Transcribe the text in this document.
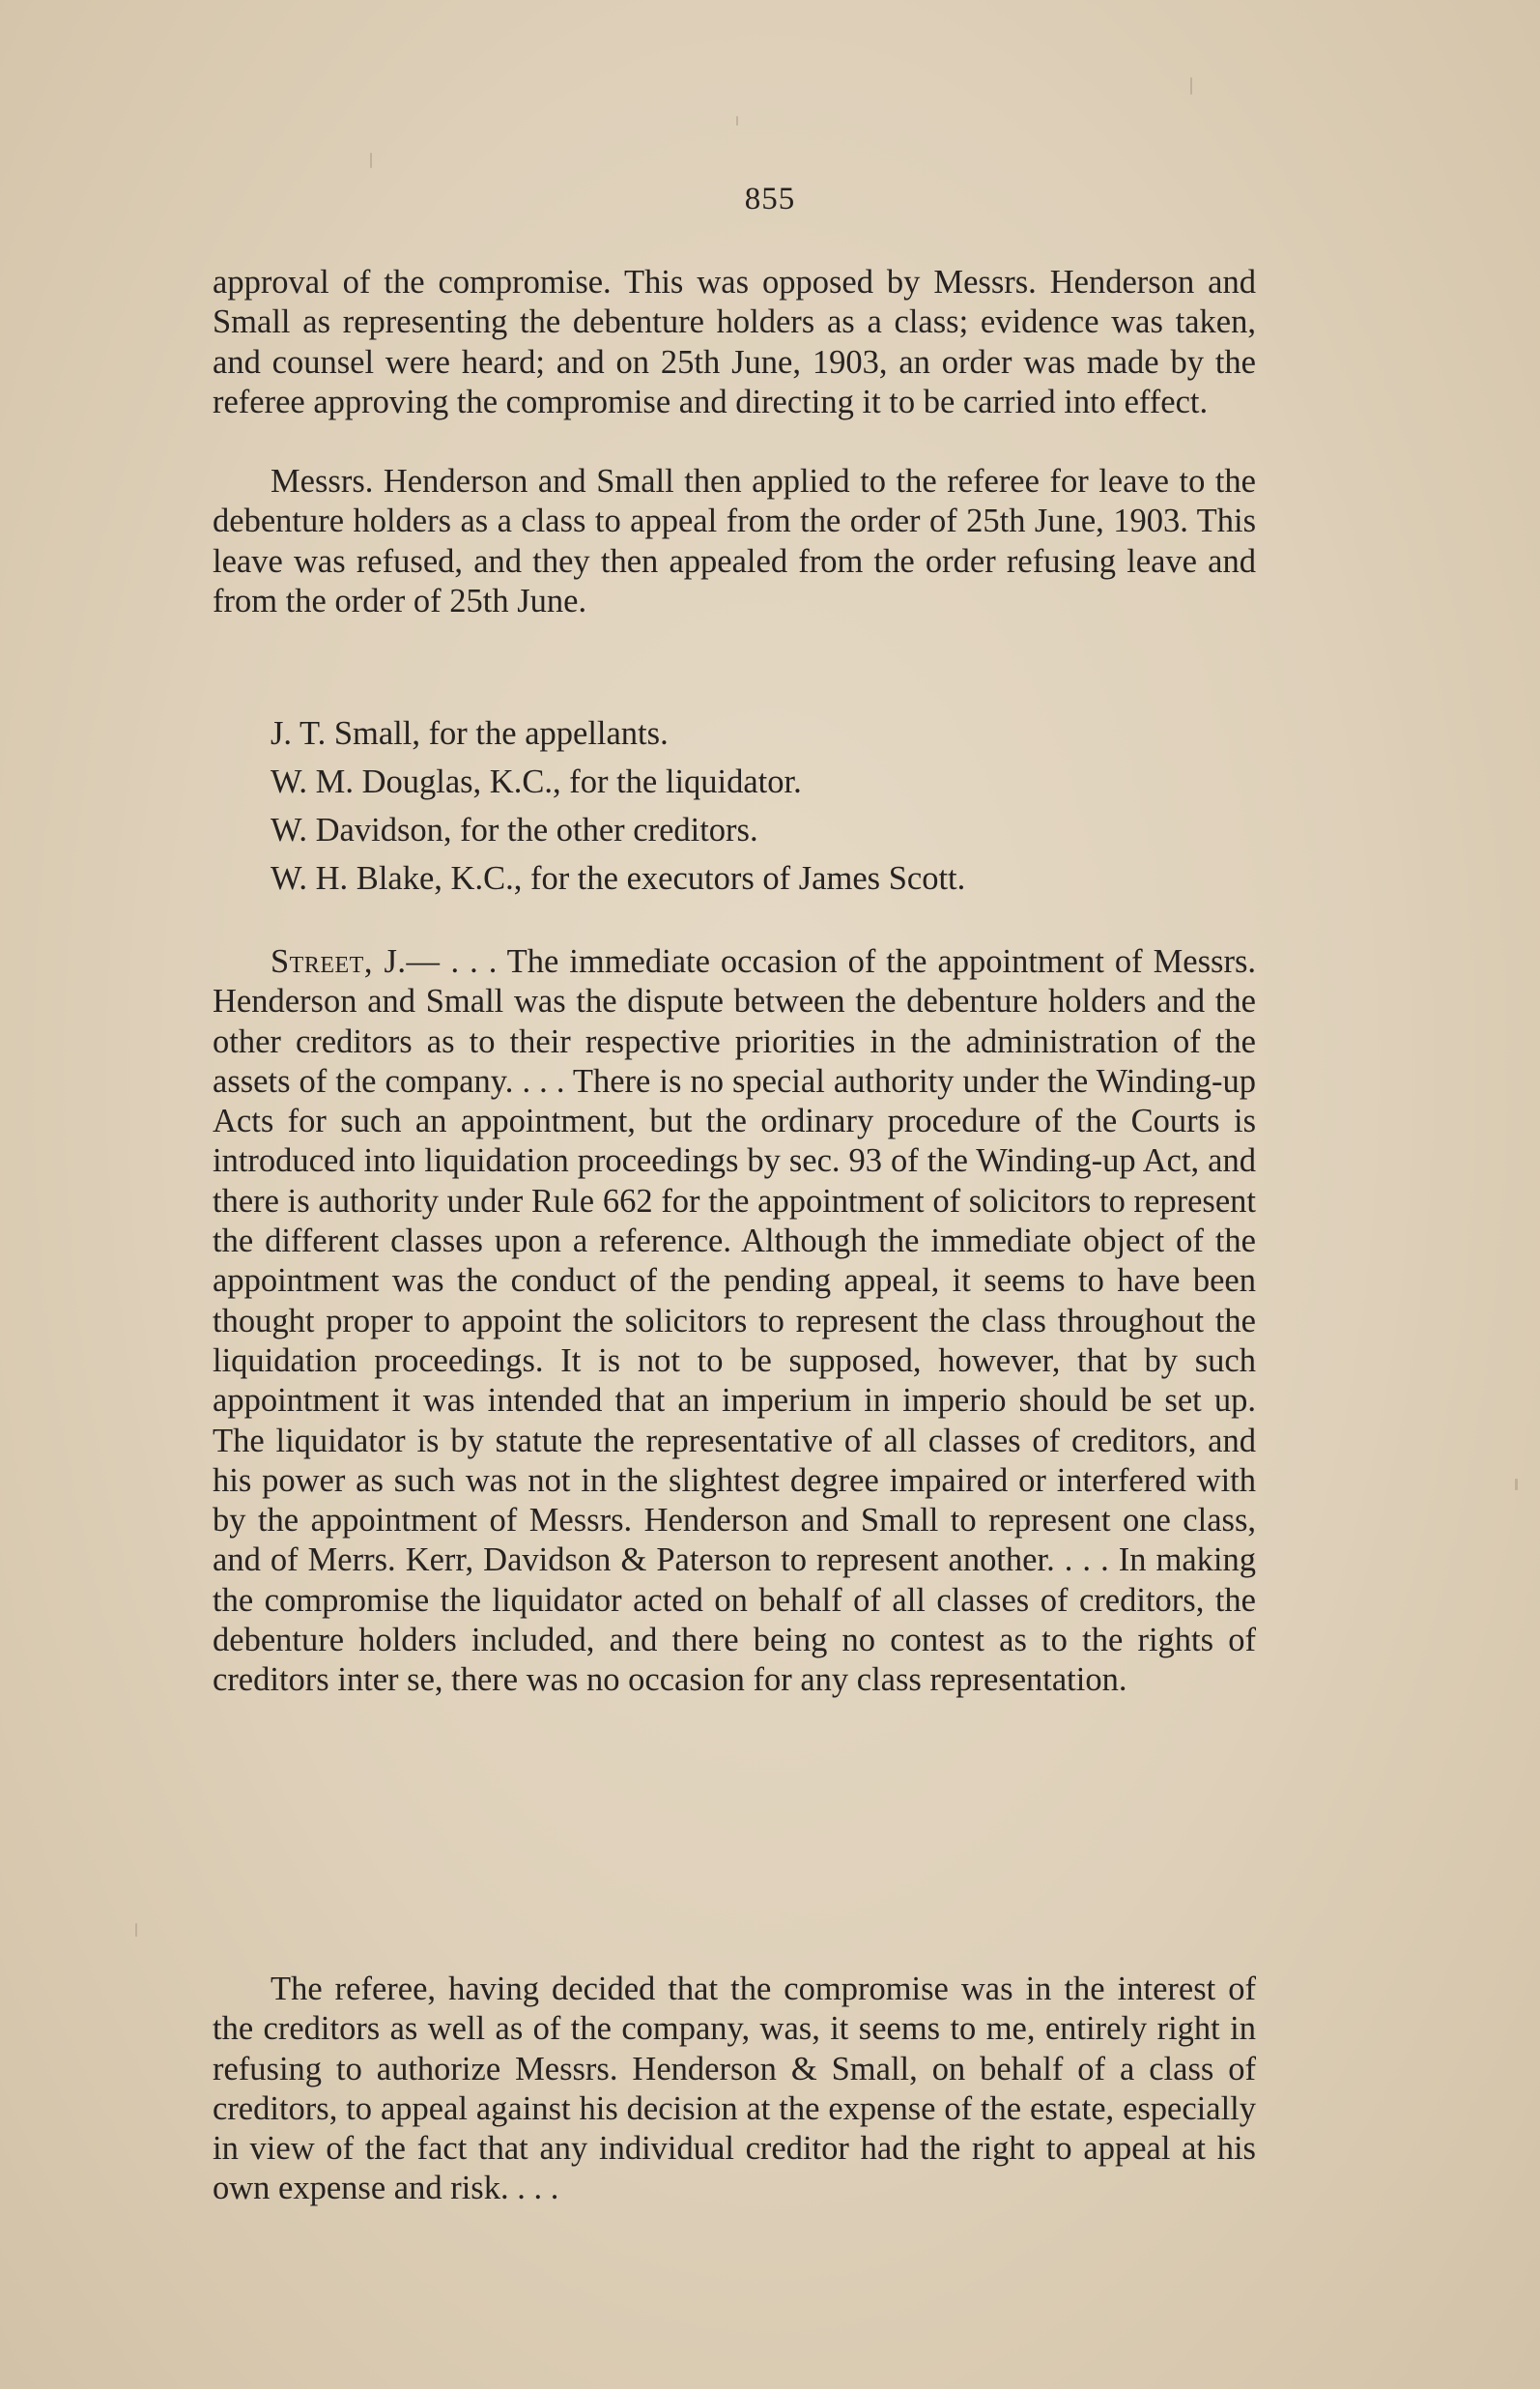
855

approval of the compromise. This was opposed by Messrs. Henderson and Small as representing the debenture holders as a class; evidence was taken, and counsel were heard; and on 25th June, 1903, an order was made by the referee approving the compromise and directing it to be carried into effect.

Messrs. Henderson and Small then applied to the referee for leave to the debenture holders as a class to appeal from the order of 25th June, 1903. This leave was refused, and they then appealed from the order refusing leave and from the order of 25th June.

J. T. Small, for the appellants.
W. M. Douglas, K.C., for the liquidator.
W. Davidson, for the other creditors.
W. H. Blake, K.C., for the executors of James Scott.

Street, J.— . . . The immediate occasion of the appointment of Messrs. Henderson and Small was the dispute between the debenture holders and the other creditors as to their respective priorities in the administration of the assets of the company. . . . There is no special authority under the Winding-up Acts for such an appointment, but the ordinary procedure of the Courts is introduced into liquidation proceedings by sec. 93 of the Winding-up Act, and there is authority under Rule 662 for the appointment of solicitors to represent the different classes upon a reference. Although the immediate object of the appointment was the conduct of the pending appeal, it seems to have been thought proper to appoint the solicitors to represent the class throughout the liquidation proceedings. It is not to be supposed, however, that by such appointment it was intended that an imperium in imperio should be set up. The liquidator is by statute the representative of all classes of creditors, and his power as such was not in the slightest degree impaired or interfered with by the appointment of Messrs. Henderson and Small to represent one class, and of Merrs. Kerr, Davidson & Paterson to represent another. . . . In making the compromise the liquidator acted on behalf of all classes of creditors, the debenture holders included, and there being no contest as to the rights of creditors inter se, there was no occasion for any class representation.

The referee, having decided that the compromise was in the interest of the creditors as well as of the company, was, it seems to me, entirely right in refusing to authorize Messrs. Henderson & Small, on behalf of a class of creditors, to appeal against his decision at the expense of the estate, especially in view of the fact that any individual creditor had the right to appeal at his own expense and risk. . . .
